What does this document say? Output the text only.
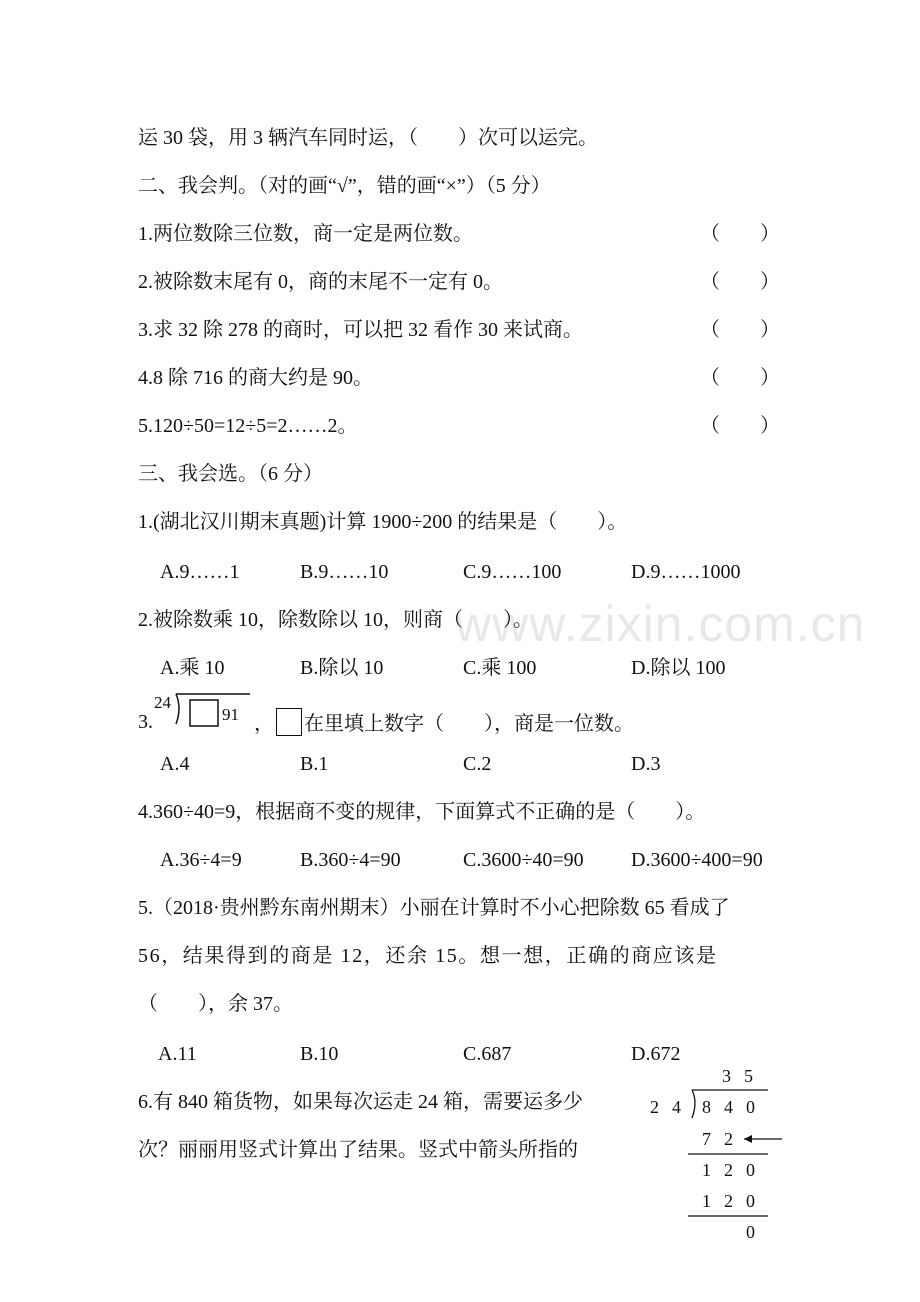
www.zixin.com.cn
运 30 袋，用 3 辆汽车同时运，（　　）次可以运完。
二、我会判。（对的画“√”，错的画“×”）（5 分）
1.两位数除三位数，商一定是两位数。	（　　）
2.被除数末尾有 0，商的末尾不一定有 0。	（　　）
3.求 32 除 278 的商时，可以把 32 看作 30 来试商。	（　　）
4.8 除 716 的商大约是 90。	（　　）
5.120÷50=12÷5=2……2。	（　　）
三、我会选。（6 分）
1.(湖北汉川期末真题)计算 1900÷200 的结果是（　　）。
A.9……1	B.9……10	C.9……100	D.9……1000
2.被除数乘 10，除数除以 10，则商（　　）。
A.乘 10	B.除以 10	C.乘 100	D.除以 100
3.
24
91 ， 在里填上数字（　　），商是一位数。
A.4	B.1	C.2	D.3
4.360÷40=9，根据商不变的规律，下面算式不正确的是（　　）。
A.36÷4=9	B.360÷4=90	C.3600÷40=90 D.3600÷400=90
5.（2018·贵州黔东南州期末）小丽在计算时不小心把除数 65 看成了
56，结果得到的商是 12，还余 15。想一想，正确的商应该是
（　　），余 37。
A.11	B.10	C.687	D.672
6.有 840 箱货物，如果每次运走 24 箱，需要运多少
次？丽丽用竖式计算出了结果。竖式中箭头所指的
3 5
2 4 8 4 0
7 2
1 2 0
1 2 0
0
